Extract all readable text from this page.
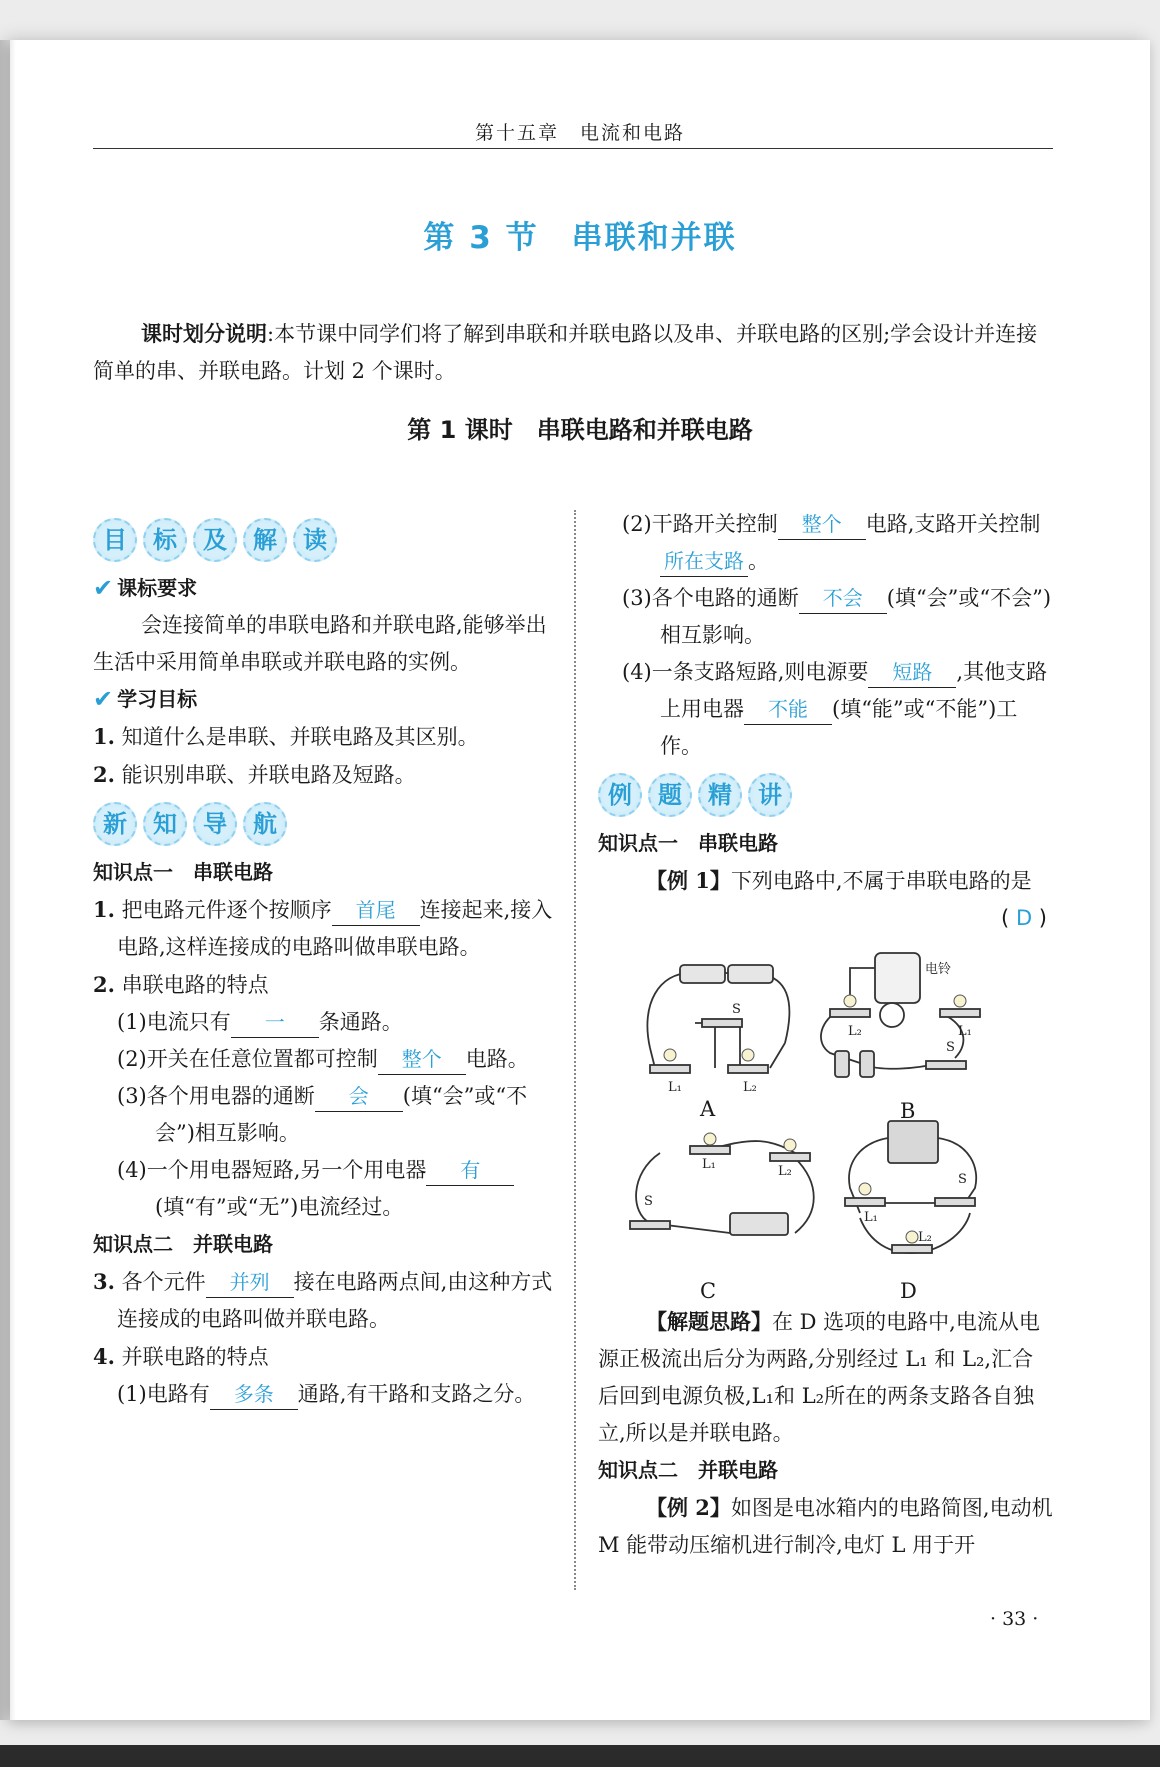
第十五章　电流和电路
第 3 节　串联和并联
课时划分说明:本节课中同学们将了解到串联和并联电路以及串、并联电路的区别;学会设计并连接简单的串、并联电路。计划 2 个课时。
第 1 课时　串联电路和并联电路
目	标	及	解	读
✔ 课标要求
会连接简单的串联电路和并联电路,能够举出生活中采用简单串联或并联电路的实例。
✔ 学习目标
1. 知道什么是串联、并联电路及其区别。
2. 能识别串联、并联电路及短路。
新	知	导	航
知识点一　串联电路
1. 把电路元件逐个按顺序 首尾 连接起来,接入电路,这样连接成的电路叫做串联电路。
2. 串联电路的特点
(1)电流只有 一 条通路。
(2)开关在任意位置都可控制 整个 电路。
(3)各个用电器的通断 会 (填“会”或“不会”)相互影响。
(4)一个用电器短路,另一个用电器 有(填“有”或“无”)电流经过。
知识点二　并联电路
3. 各个元件 并列 接在电路两点间,由这种方式连接成的电路叫做并联电路。
4. 并联电路的特点
(1)电路有 多条 通路,有干路和支路之分。
(2)干路开关控制 整个 电路,支路开关控制所在支路 。
(3)各个电路的通断 不会 (填“会”或“不会”)相互影响。
(4)一条支路短路,则电源要 短路 ,其他支路上用电器 不能 (填“能”或“不能”)工作。
例	题	精	讲
知识点一　串联电路
【例 1】下列电路中,不属于串联电路的是
( D )
S
L₁	L₂
电铃
L₂	L₁
S
S
L₁	L₂
S
L₁
L₂
A	B
C	D
【解题思路】在 D 选项的电路中,电流从电源正极流出后分为两路,分别经过 L₁ 和 L₂,汇合后回到电源负极,L₁和 L₂所在的两条支路各自独立,所以是并联电路。
知识点二　并联电路
【例 2】如图是电冰箱内的电路简图,电动机 M 能带动压缩机进行制冷,电灯 L 用于开
· 33 ·
